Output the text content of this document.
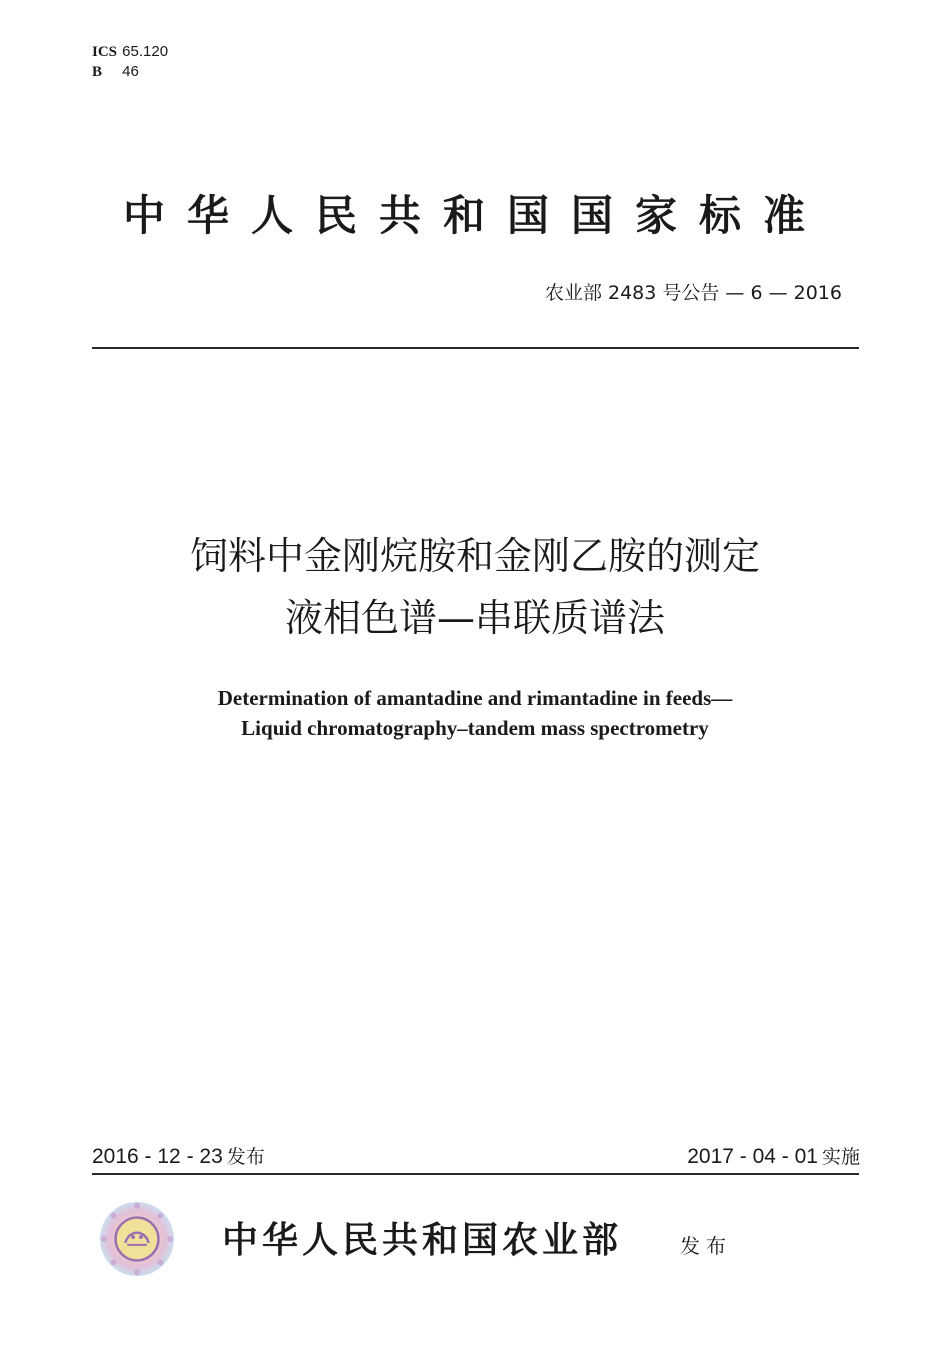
ICS 65.120
B 46
中华人民共和国国家标准
农业部 2483 号公告 — 6 — 2016
饲料中金刚烷胺和金刚乙胺的测定
液相色谱—串联质谱法
Determination of amantadine and rimantadine in feeds—
Liquid chromatography–tandem mass spectrometry
2016 - 12 - 23 发布	2017 - 04 - 01 实施
中华人民共和国农业部	发布
